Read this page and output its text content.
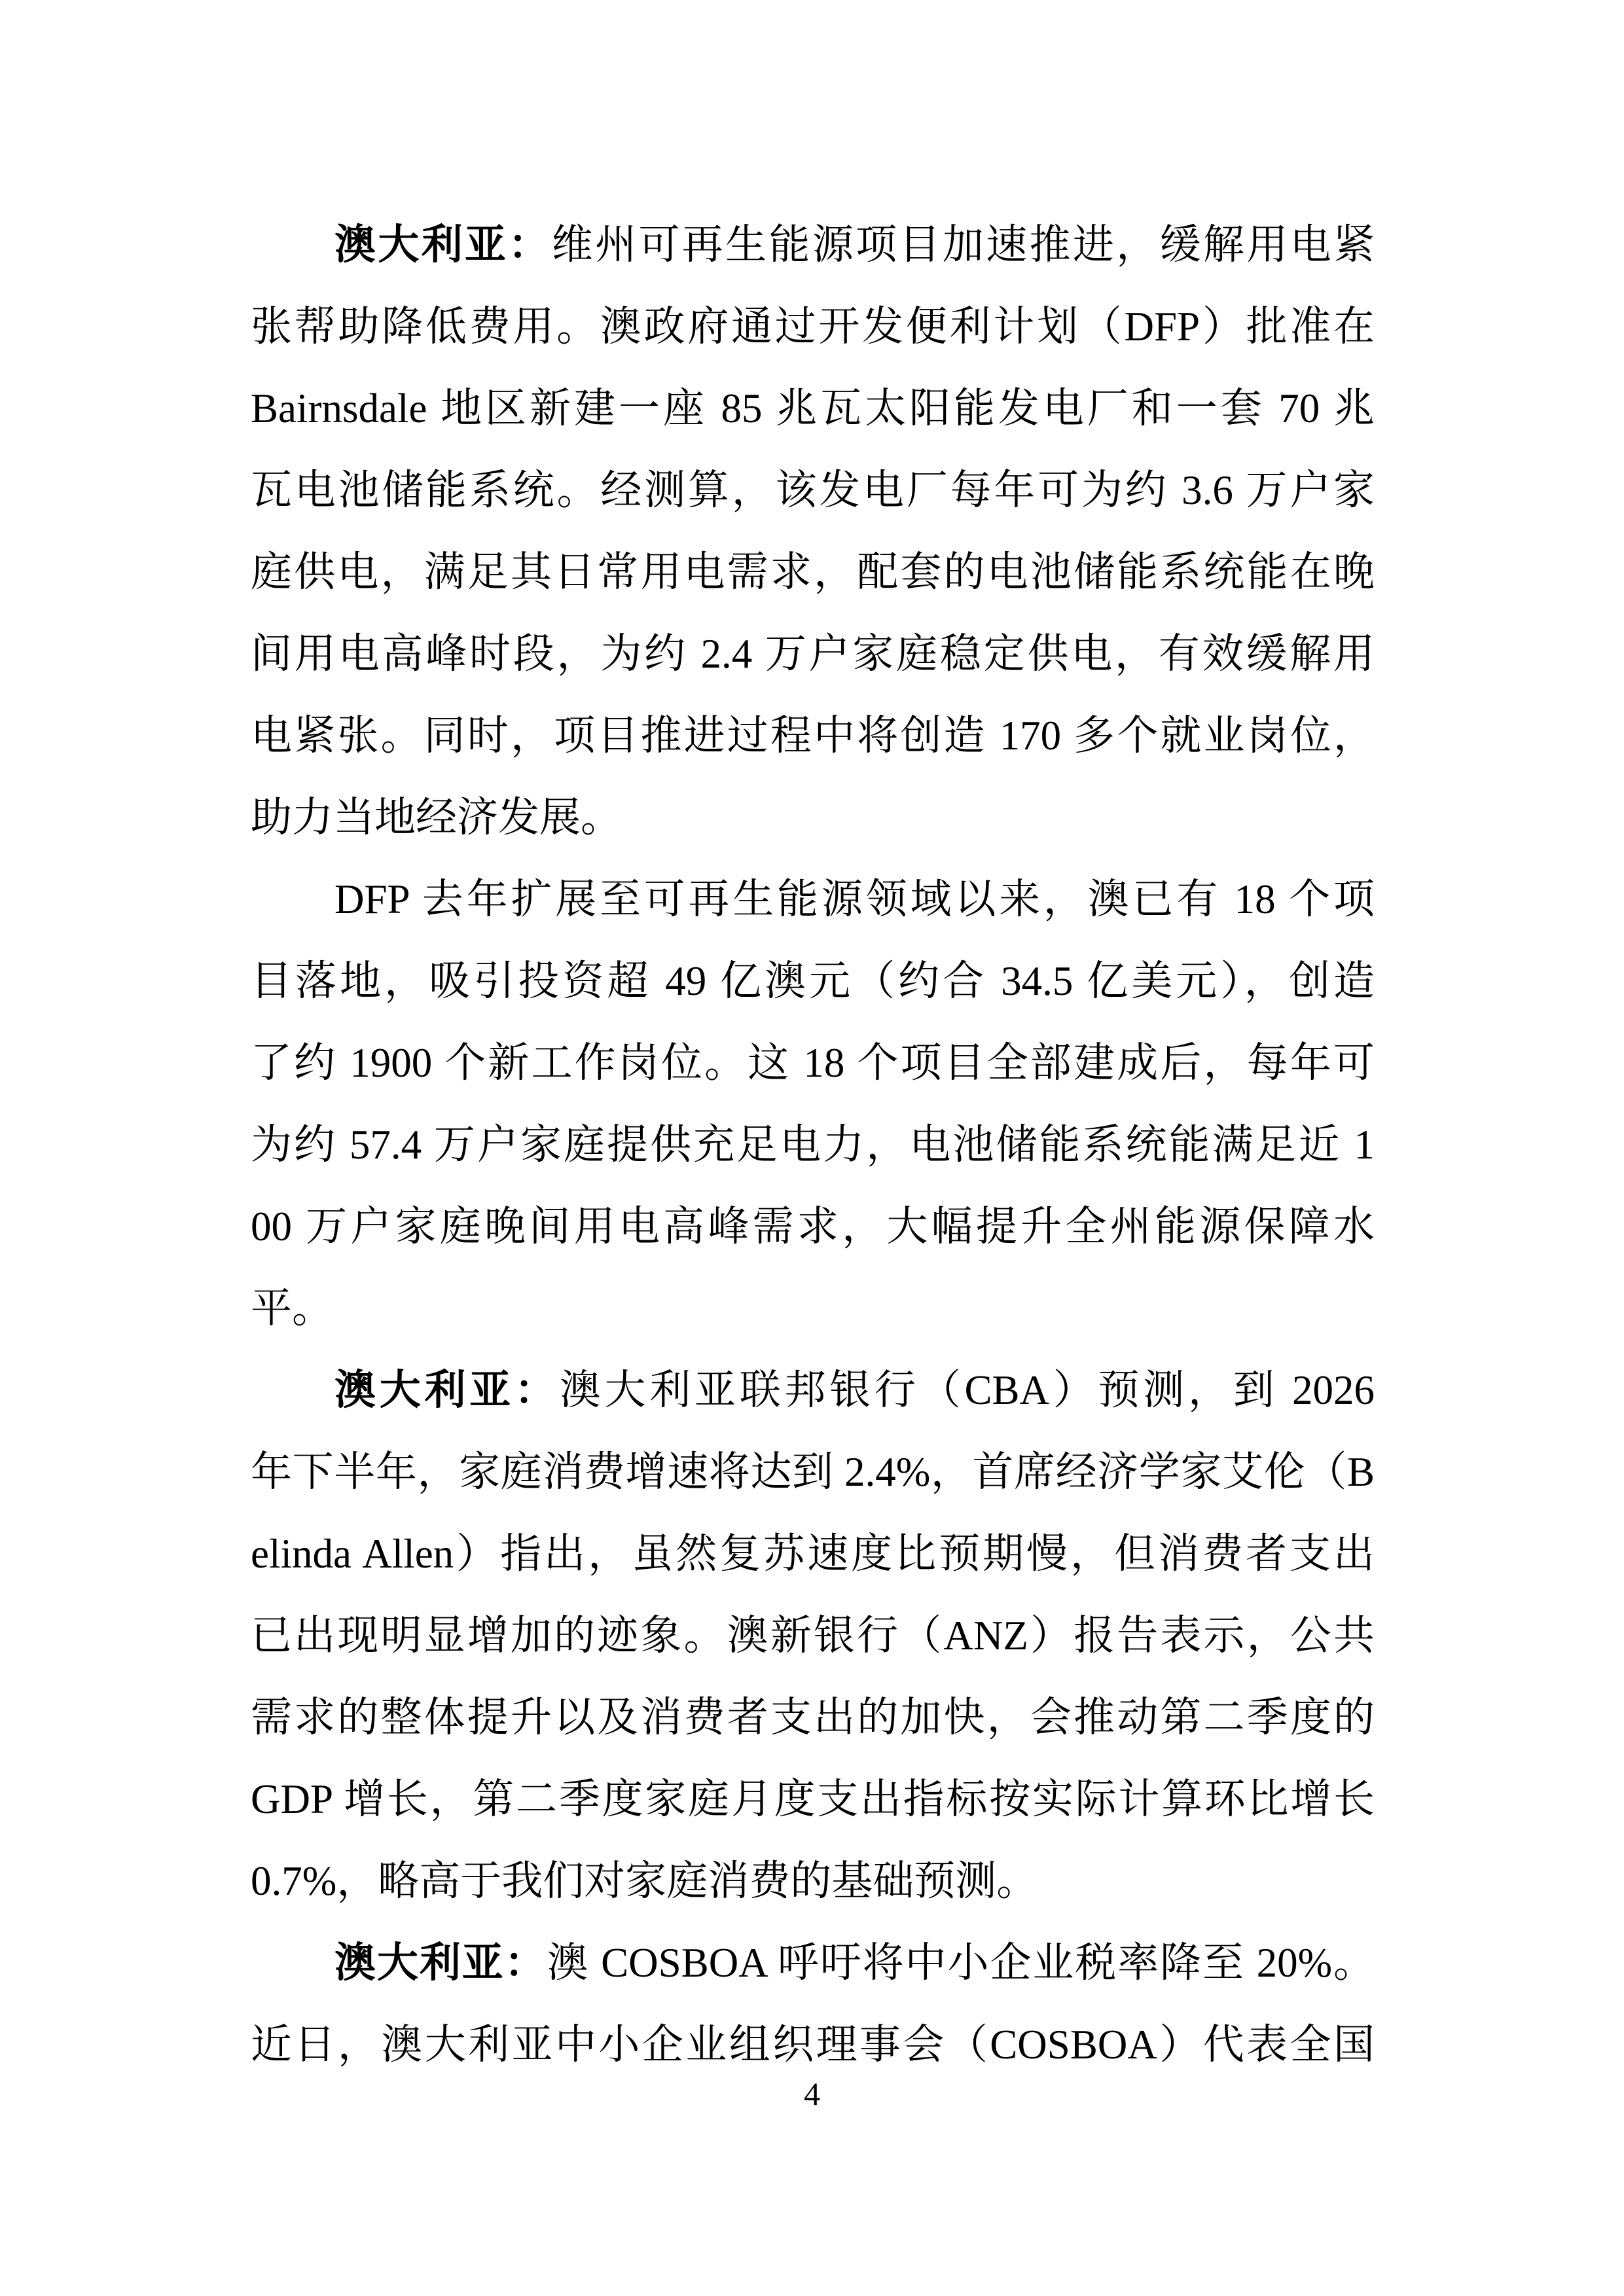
澳大利亚：维州可再生能源项目加速推进，缓解用电紧
张帮助降低费用。澳政府通过开发便利计划（DFP）批准在
Bairnsdale 地区新建一座 85 兆瓦太阳能发电厂和一套 70 兆
瓦电池储能系统。经测算，该发电厂每年可为约 3.6 万户家
庭供电，满足其日常用电需求，配套的电池储能系统能在晚
间用电高峰时段，为约 2.4 万户家庭稳定供电，有效缓解用
电紧张。同时，项目推进过程中将创造 170 多个就业岗位，
助力当地经济发展。
DFP 去年扩展至可再生能源领域以来，澳已有 18 个项
目落地，吸引投资超 49 亿澳元（约合 34.5 亿美元），创造
了约 1900 个新工作岗位。这 18 个项目全部建成后，每年可
为约 57.4 万户家庭提供充足电力，电池储能系统能满足近 1
00 万户家庭晚间用电高峰需求，大幅提升全州能源保障水
平。
澳大利亚：澳大利亚联邦银行（CBA）预测，到 2026
年下半年，家庭消费增速将达到 2.4%，首席经济学家艾伦（B
elinda Allen）指出，虽然复苏速度比预期慢，但消费者支出
已出现明显增加的迹象。澳新银行（ANZ）报告表示，公共
需求的整体提升以及消费者支出的加快，会推动第二季度的
GDP 增长，第二季度家庭月度支出指标按实际计算环比增长
0.7%，略高于我们对家庭消费的基础预测。
澳大利亚：澳 COSBOA 呼吁将中小企业税率降至 20%。
近日，澳大利亚中小企业组织理事会（COSBOA）代表全国
4
